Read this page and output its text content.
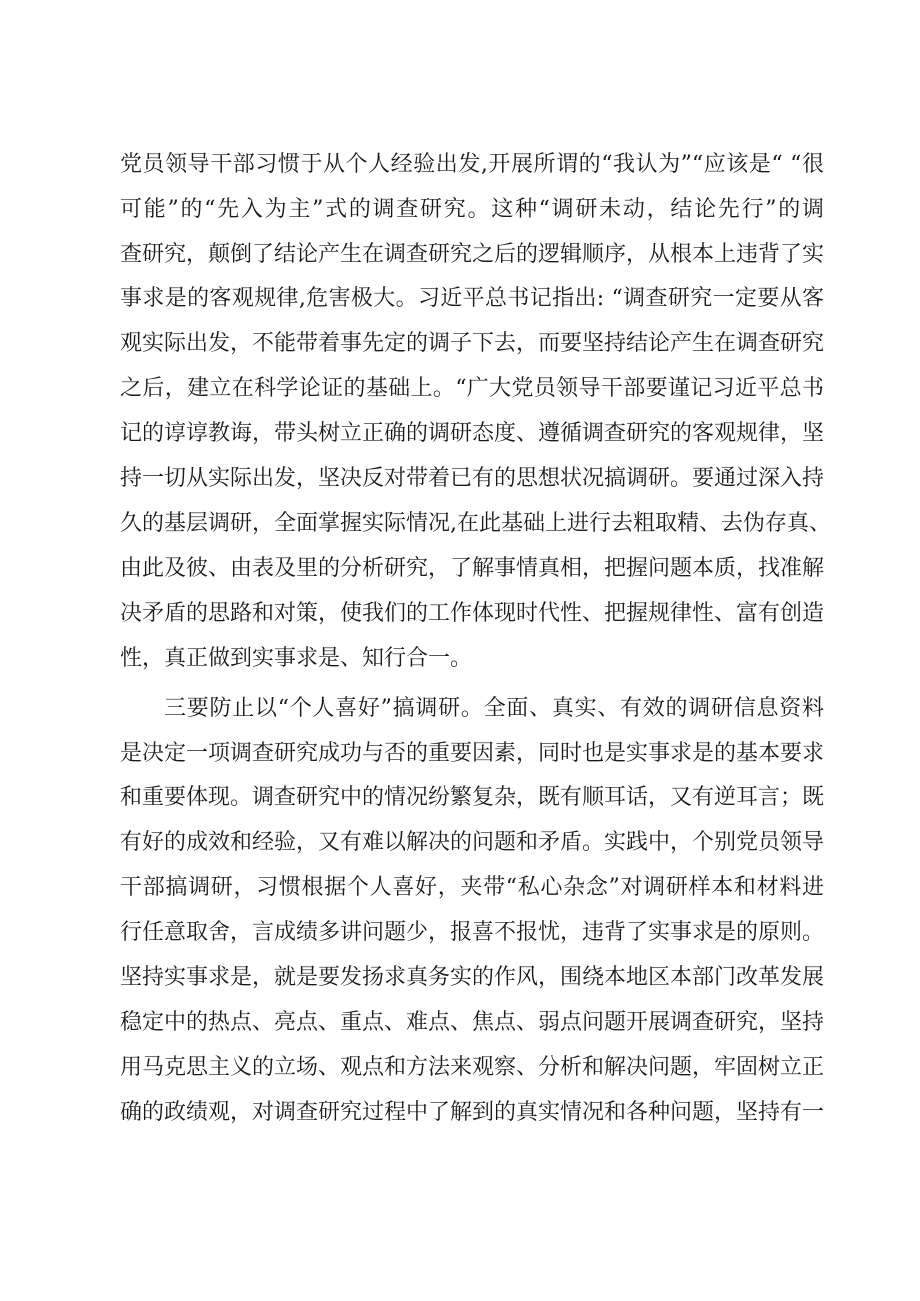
党员领导干部习惯于从个人经验出发,开展所谓的“我认为”“应该是“ “很
可能”的“先入为主”式的调查研究。这种“调研未动，结论先行”的调
查研究，颠倒了结论产生在调查研究之后的逻辑顺序，从根本上违背了实
事求是的客观规律,危害极大。习近平总书记指出: “调查研究一定要从客
观实际出发，不能带着事先定的调子下去，而要坚持结论产生在调查研究
之后，建立在科学论证的基础上。“广大党员领导干部要谨记习近平总书
记的谆谆教诲，带头树立正确的调研态度、遵循调查研究的客观规律，坚
持一切从实际出发，坚决反对带着已有的思想状况搞调研。要通过深入持
久的基层调研，全面掌握实际情况,在此基础上进行去粗取精、去伪存真、
由此及彼、由表及里的分析研究，了解事情真相，把握问题本质，找准解
决矛盾的思路和对策，使我们的工作体现时代性、把握规律性、富有创造
性，真正做到实事求是、知行合一。
三要防止以“个人喜好”搞调研。全面、真实、有效的调研信息资料
是决定一项调查研究成功与否的重要因素，同时也是实事求是的基本要求
和重要体现。调查研究中的情况纷繁复杂，既有顺耳话，又有逆耳言；既
有好的成效和经验，又有难以解决的问题和矛盾。实践中，个别党员领导
干部搞调研，习惯根据个人喜好，夹带“私心杂念”对调研样本和材料进
行任意取舍，言成绩多讲问题少，报喜不报忧，违背了实事求是的原则。
坚持实事求是，就是要发扬求真务实的作风，围绕本地区本部门改革发展
稳定中的热点、亮点、重点、难点、焦点、弱点问题开展调查研究，坚持
用马克思主义的立场、观点和方法来观察、分析和解决问题，牢固树立正
确的政绩观，对调查研究过程中了解到的真实情况和各种问题，坚持有一
